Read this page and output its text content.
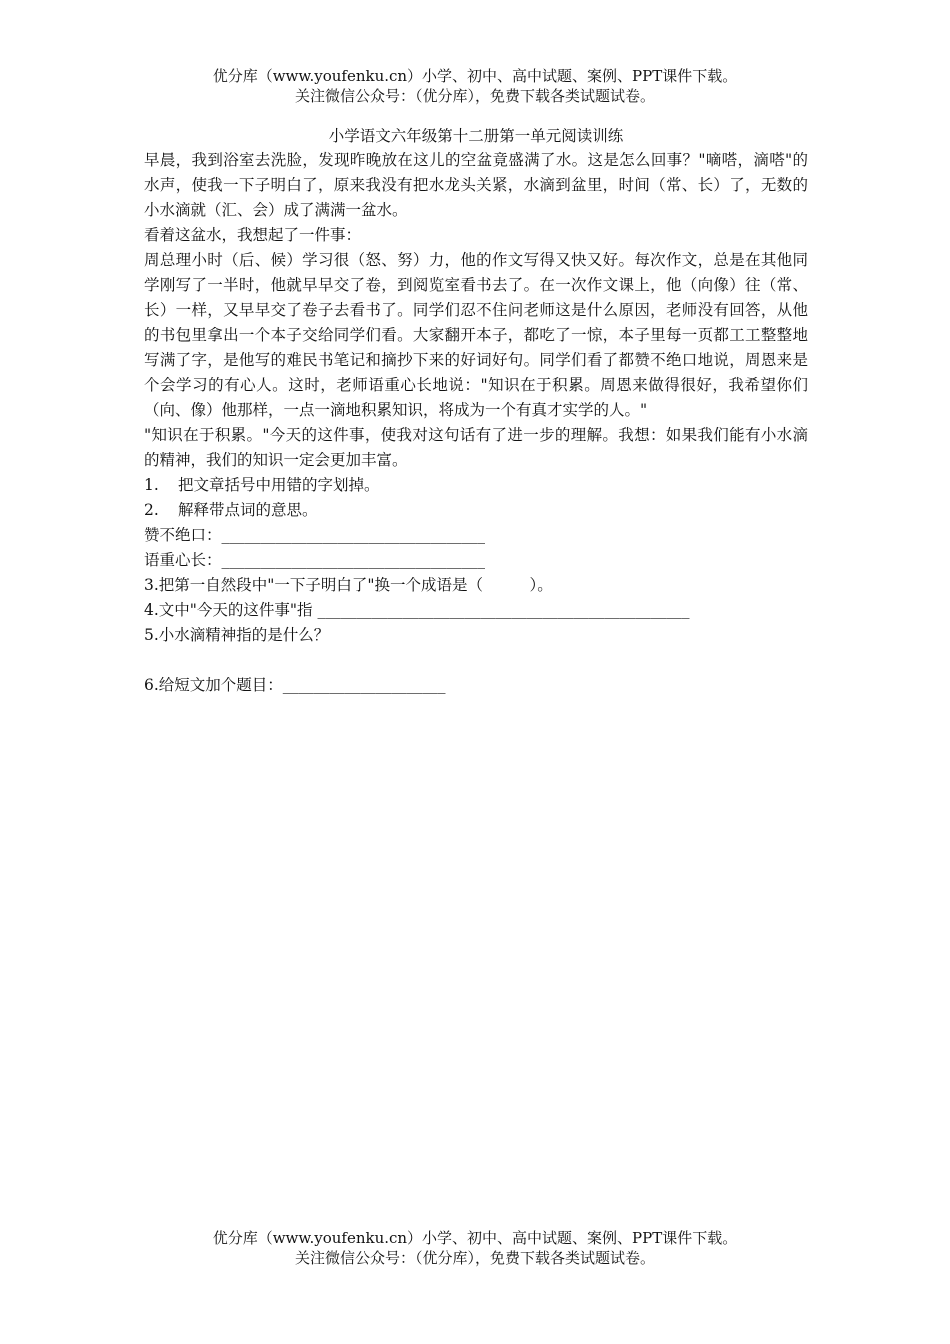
优分库（www.youfenku.cn）小学、初中、高中试题、案例、PPT课件下载。
关注微信公众号：（优分库），免费下载各类试题试卷。
小学语文六年级第十二册第一单元阅读训练
早晨，我到浴室去洗脸，发现昨晚放在这儿的空盆竟盛满了水。这是怎么回事？"嘀嗒，滴嗒"的水声，使我一下子明白了，原来我没有把水龙头关紧，水滴到盆里，时间（常、长）了，无数的小水滴就（汇、会）成了满满一盆水。
看着这盆水，我想起了一件事：
周总理小时（后、候）学习很（怒、努）力，他的作文写得又快又好。每次作文，总是在其他同学刚写了一半时，他就早早交了卷，到阅览室看书去了。在一次作文课上，他（向像）往（常、长）一样，又早早交了卷子去看书了。同学们忍不住问老师这是什么原因，老师没有回答，从他的书包里拿出一个本子交给同学们看。大家翻开本子，都吃了一惊，本子里每一页都工工整整地写满了字，是他写的难民书笔记和摘抄下来的好词好句。同学们看了都赞不绝口地说，周恩来是个会学习的有心人。这时，老师语重心长地说："知识在于积累。周恩来做得很好，我希望你们（向、像）他那样，一点一滴地积累知识，将成为一个有真才实学的人。"
"知识在于积累。"今天的这件事，使我对这句话有了进一步的理解。我想：如果我们能有小水滴的精神，我们的知识一定会更加丰富。
1. 把文章括号中用错的字划掉。
2. 解释带点词的意思。
赞不绝口：__________________________________
语重心长：__________________________________
3.把第一自然段中"一下子明白了"换一个成语是（　　　）。
4.文中"今天的这件事"指 ________________________________________________
5.小水滴精神指的是什么？
6.给短文加个题目：_____________________
优分库（www.youfenku.cn）小学、初中、高中试题、案例、PPT课件下载。
关注微信公众号：（优分库），免费下载各类试题试卷。
